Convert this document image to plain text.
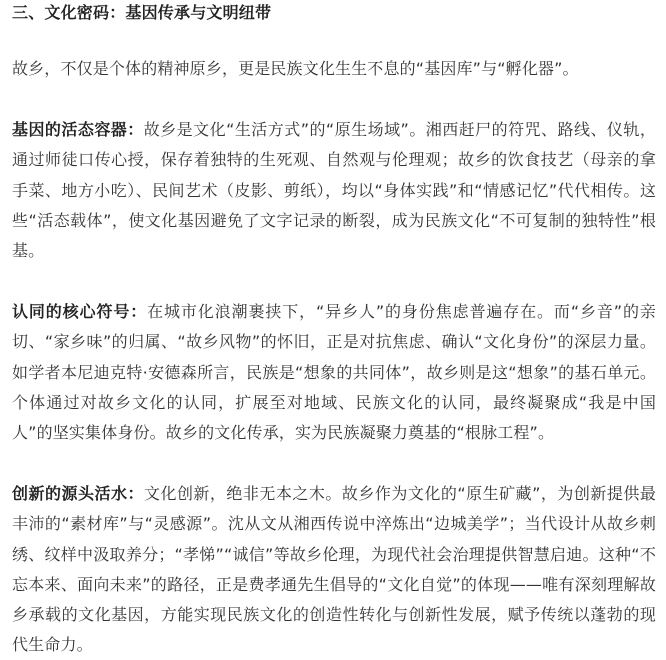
三、文化密码：基因传承与文明纽带

故乡，不仅是个体的精神原乡，更是民族文化生生不息的“基因库”与“孵化器”。

基因的活态容器：故乡是文化“生活方式”的“原生场域”。湘西赶尸的符咒、路线、仪轨，通过师徒口传心授，保存着独特的生死观、自然观与伦理观；故乡的饮食技艺（母亲的拿手菜、地方小吃）、民间艺术（皮影、剪纸），均以“身体实践”和“情感记忆”代代相传。这些“活态载体”，使文化基因避免了文字记录的断裂，成为民族文化“不可复制的独特性”根基。

认同的核心符号：在城市化浪潮裹挟下，“异乡人”的身份焦虑普遍存在。而“乡音”的亲切、“家乡味”的归属、“故乡风物”的怀旧，正是对抗焦虑、确认“文化身份”的深层力量。如学者本尼迪克特·安德森所言，民族是“想象的共同体”，故乡则是这“想象”的基石单元。个体通过对故乡文化的认同，扩展至对地域、民族文化的认同，最终凝聚成“我是中国人”的坚实集体身份。故乡的文化传承，实为民族凝聚力奠基的“根脉工程”。

创新的源头活水：文化创新，绝非无本之木。故乡作为文化的“原生矿藏”，为创新提供最丰沛的“素材库”与“灵感源”。沈从文从湘西传说中淬炼出“边城美学”；当代设计从故乡刺绣、纹样中汲取养分；“孝悌”“诚信”等故乡伦理，为现代社会治理提供智慧启迪。这种“不忘本来、面向未来”的路径，正是费孝通先生倡导的“文化自觉”的体现——唯有深刻理解故乡承载的文化基因，方能实现民族文化的创造性转化与创新性发展，赋予传统以蓬勃的现代生命力。
